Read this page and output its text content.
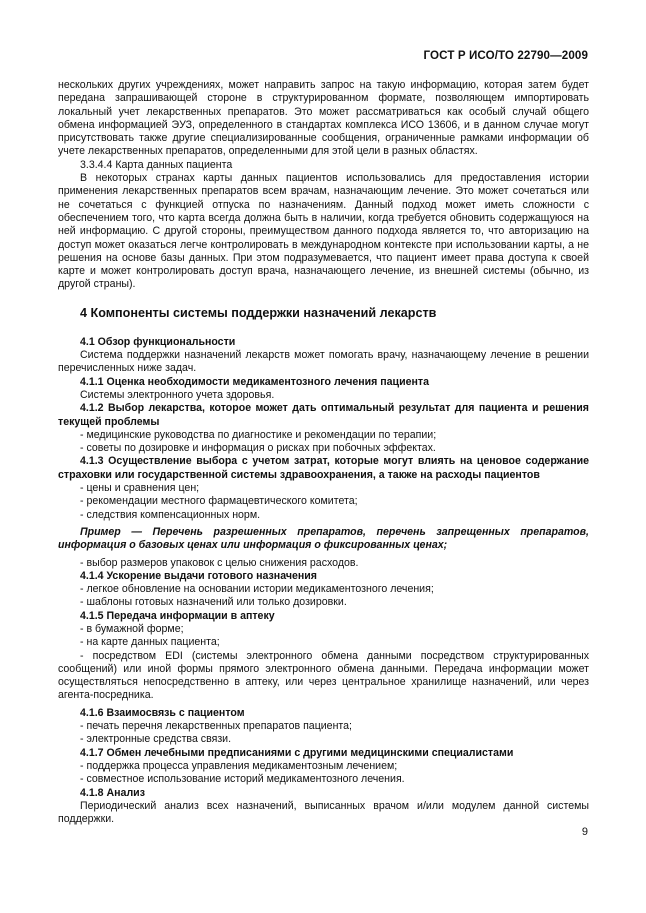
ГОСТ Р ИСО/ТО 22790—2009

нескольких других учреждениях, может направить запрос на такую информацию, которая затем будет передана запрашивающей стороне в структурированном формате, позволяющем импортировать локальный учет лекарственных препаратов. Это может рассматриваться как особый случай общего обмена информацией ЭУЗ, определенного в стандартах комплекса ИСО 13606, и в данном случае могут присутствовать также другие специализированные сообщения, ограниченные рамками информации об учете лекарственных препаратов, определенными для этой цели в разных областях.

3.3.4.4 Карта данных пациента

В некоторых странах карты данных пациентов использовались для предоставления истории применения лекарственных препаратов всем врачам, назначающим лечение. Это может сочетаться или не сочетаться с функцией отпуска по назначениям. Данный подход может иметь сложности с обеспечением того, что карта всегда должна быть в наличии, когда требуется обновить содержащуюся на ней информацию. С другой стороны, преимуществом данного подхода является то, что авторизацию на доступ может оказаться легче контролировать в международном контексте при использовании карты, а не решения на основе базы данных. При этом подразумевается, что пациент имеет права доступа к своей карте и может контролировать доступ врача, назначающего лечение, из внешней системы (обычно, из другой страны).

4 Компоненты системы поддержки назначений лекарств

4.1 Обзор функциональности

Система поддержки назначений лекарств может помогать врачу, назначающему лечение в решении перечисленных ниже задач.

4.1.1 Оценка необходимости медикаментозного лечения пациента

Системы электронного учета здоровья.

4.1.2 Выбор лекарства, которое может дать оптимальный результат для пациента и решения текущей проблемы

- медицинские руководства по диагностике и рекомендации по терапии;

- советы по дозировке и информация о рисках при побочных эффектах.

4.1.3 Осуществление выбора с учетом затрат, которые могут влиять на ценовое содержание страховки или государственной системы здравоохранения, а также на расходы пациентов

- цены и сравнения цен;

- рекомендации местного фармацевтического комитета;

- следствия компенсационных норм.

Пример — Перечень разрешенных препаратов, перечень запрещенных препаратов, информация о базовых ценах или информация о фиксированных ценах;

- выбор размеров упаковок с целью снижения расходов.

4.1.4 Ускорение выдачи готового назначения

- легкое обновление на основании истории медикаментозного лечения;

- шаблоны готовых назначений или только дозировки.

4.1.5 Передача информации в аптеку

- в бумажной форме;

- на карте данных пациента;

- посредством EDI (системы электронного обмена данными посредством структурированных сообщений) или иной формы прямого электронного обмена данными. Передача информации может осуществляться непосредственно в аптеку, или через центральное хранилище назначений, или через агента-посредника.

4.1.6 Взаимосвязь с пациентом

- печать перечня лекарственных препаратов пациента;

- электронные средства связи.

4.1.7 Обмен лечебными предписаниями с другими медицинскими специалистами

- поддержка процесса управления медикаментозным лечением;

- совместное использование историй медикаментозного лечения.

4.1.8 Анализ

Периодический анализ всех назначений, выписанных врачом и/или модулем данной системы поддержки.

9
